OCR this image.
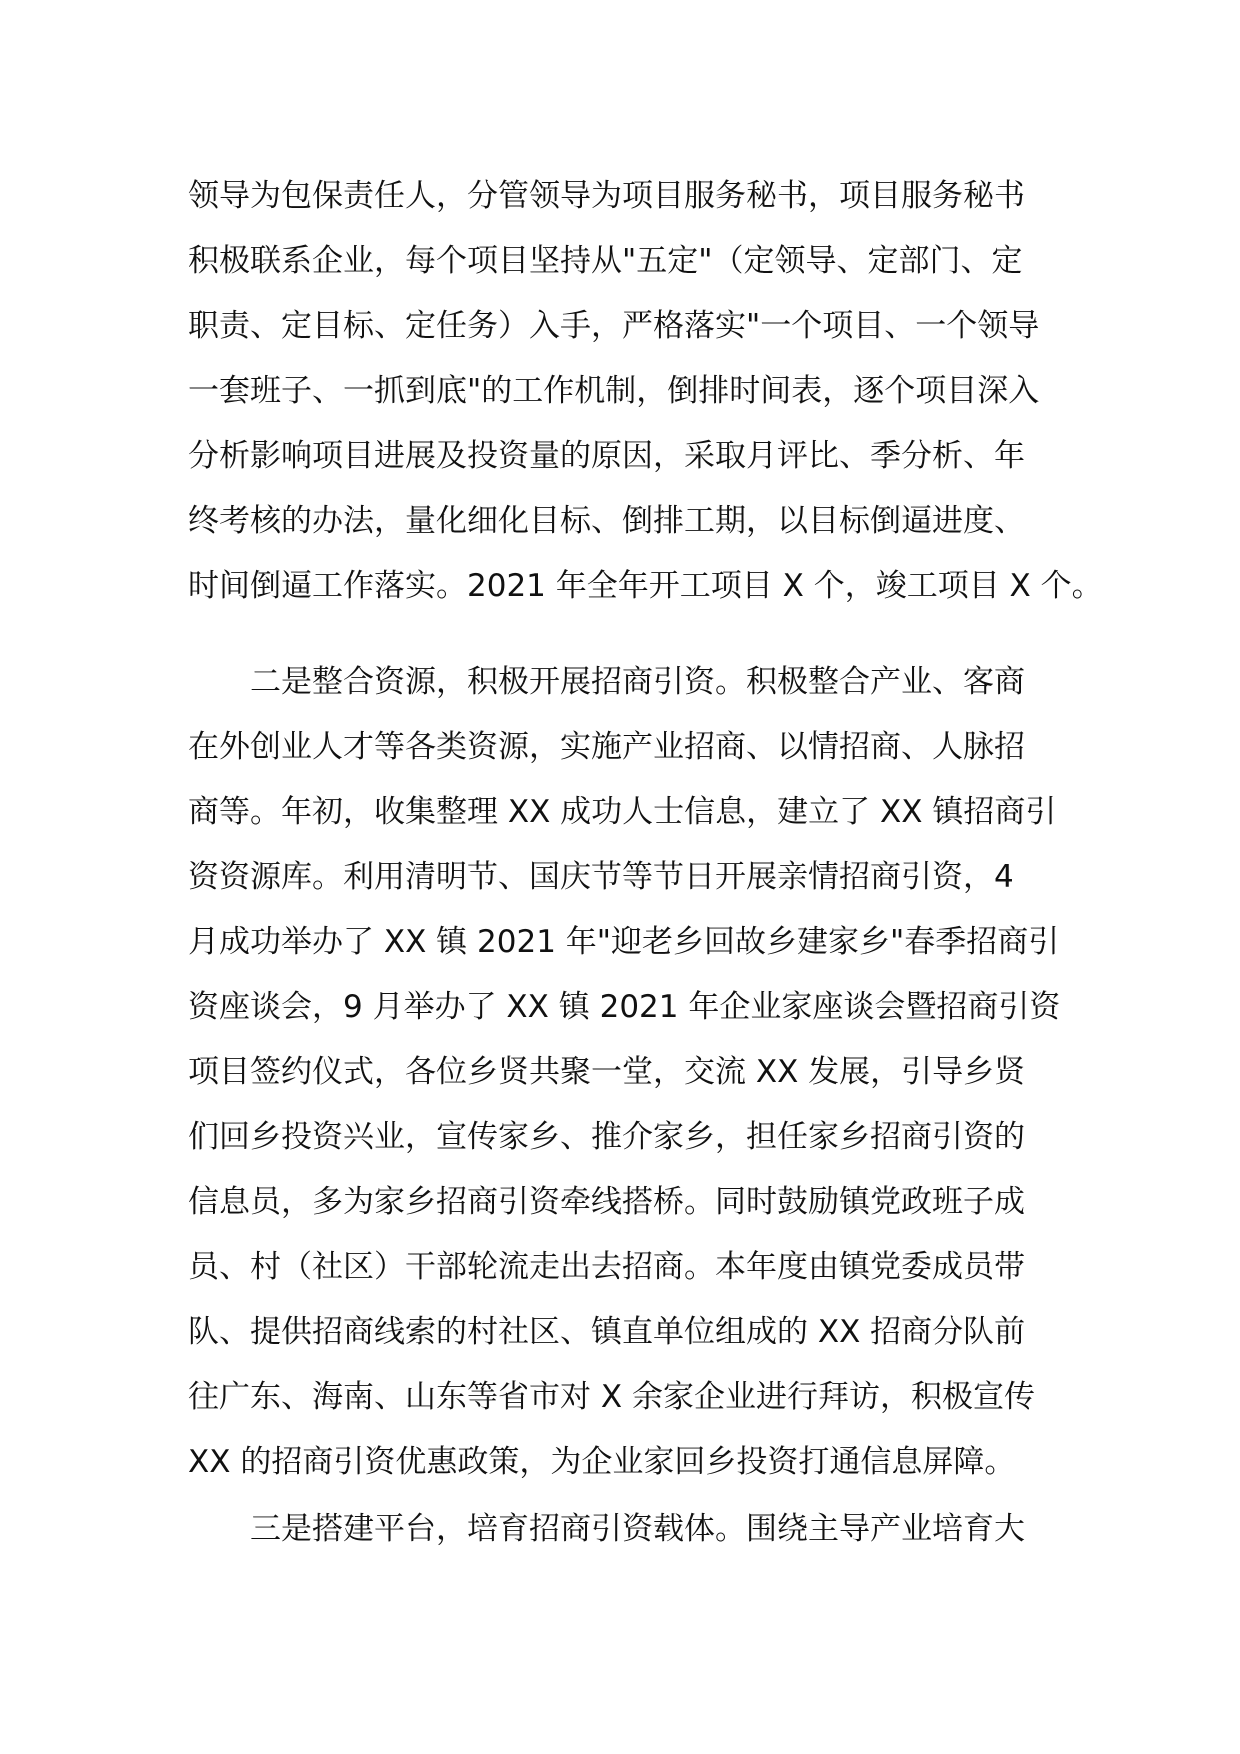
领导为包保责任人，分管领导为项目服务秘书，项目服务秘书
积极联系企业，每个项目坚持从"五定"（定领导、定部门、定
职责、定目标、定任务）入手，严格落实"一个项目、一个领导
一套班子、一抓到底"的工作机制，倒排时间表，逐个项目深入
分析影响项目进展及投资量的原因，采取月评比、季分析、年
终考核的办法，量化细化目标、倒排工期，以目标倒逼进度、
时间倒逼工作落实。2021 年全年开工项目 X 个，竣工项目 X 个。
二是整合资源，积极开展招商引资。积极整合产业、客商
在外创业人才等各类资源，实施产业招商、以情招商、人脉招
商等。年初，收集整理 XX 成功人士信息，建立了 XX 镇招商引
资资源库。利用清明节、国庆节等节日开展亲情招商引资，4
月成功举办了 XX 镇 2021 年"迎老乡回故乡建家乡"春季招商引
资座谈会，9 月举办了 XX 镇 2021 年企业家座谈会暨招商引资
项目签约仪式，各位乡贤共聚一堂，交流 XX 发展，引导乡贤
们回乡投资兴业，宣传家乡、推介家乡，担任家乡招商引资的
信息员，多为家乡招商引资牵线搭桥。同时鼓励镇党政班子成
员、村（社区）干部轮流走出去招商。本年度由镇党委成员带
队、提供招商线索的村社区、镇直单位组成的 XX 招商分队前
往广东、海南、山东等省市对 X 余家企业进行拜访，积极宣传
XX 的招商引资优惠政策，为企业家回乡投资打通信息屏障。
三是搭建平台，培育招商引资载体。围绕主导产业培育大
